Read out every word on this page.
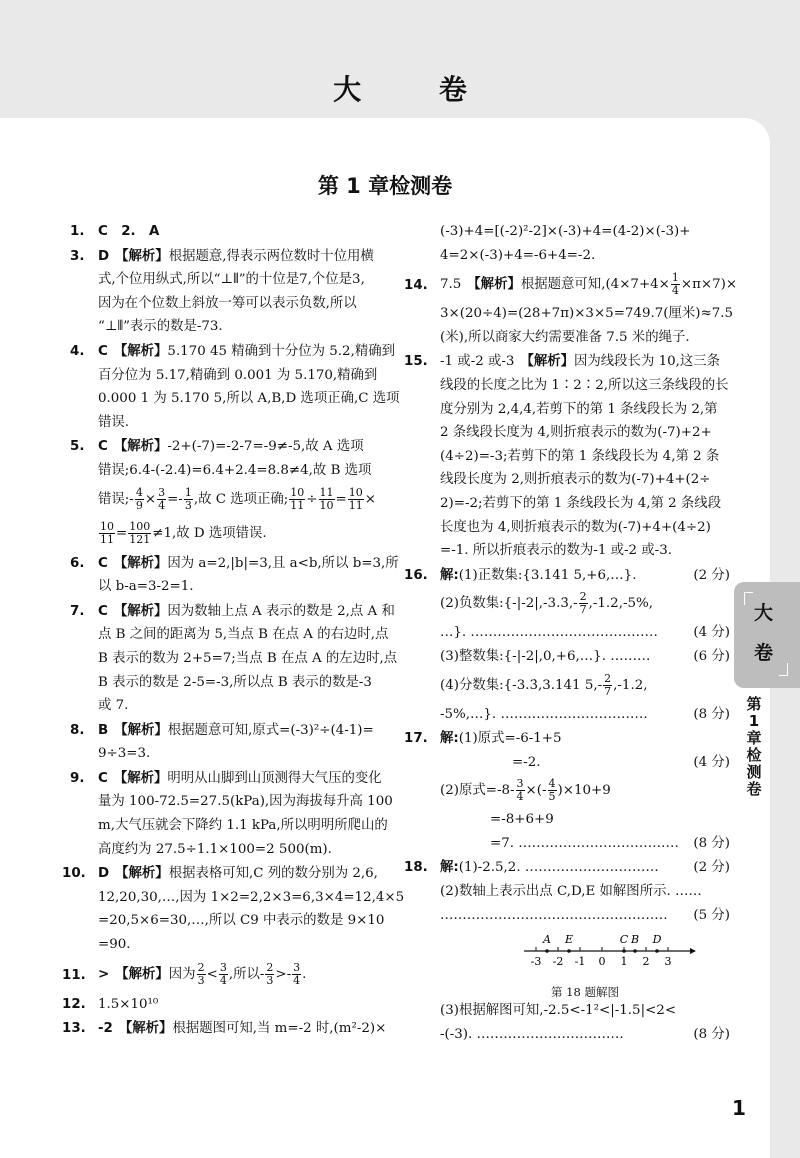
大 卷
第 1 章检测卷
1. C　2.　A
3. D 【解析】根据题意,得表示两位数时十位用横
式,个位用纵式,所以“⊥⫴”的十位是7,个位是3,
因为在个位数上斜放一筹可以表示负数,所以
“⊥⫴”表示的数是-73.
4. C 【解析】5.170 45 精确到十分位为 5.2,精确到
百分位为 5.17,精确到 0.001 为 5.170,精确到
0.000 1 为 5.170 5,所以 A,B,D 选项正确,C 选项
错误.
5. C 【解析】-2+(-7)=-2-7=-9≠-5,故 A 选项
错误;6.4-(-2.4)=6.4+2.4=8.8≠4,故 B 选项
错误;- $\frac{4}{9} \times \frac{3}{4} =- \frac{1}{3}$ ,故 C 选项正确; $\frac{10}{11} \div \frac{11}{10} = \frac{10}{11}$ ×
$\frac{10}{11} = \frac{100}{121} \ne 1$,故 D 选项错误.
6. C 【解析】因为 a=2,|b|=3,且 a<b,所以 b=3,所
以 b-a=3-2=1.
7. C 【解析】因为数轴上点 A 表示的数是 2,点 A 和
点 B 之间的距离为 5,当点 B 在点 A 的右边时,点
B 表示的数为 2+5=7;当点 B 在点 A 的左边时,点
B 表示的数是 2-5=-3,所以点 B 表示的数是-3
或 7.
8. B 【解析】根据题意可知,原式=(-3)²÷(4-1)=
9÷3=3.
9. C 【解析】明明从山脚到山顶测得大气压的变化
量为 100-72.5=27.5(kPa),因为海拔每升高 100
m,大气压就会下降约 1.1 kPa,所以明明所爬山的
高度约为 27.5÷1.1×100=2 500(m).
10. D 【解析】根据表格可知,C 列的数分别为 2,6,
12,20,30,…,因为 1×2=2,2×3=6,3×4=12,4×5
=20,5×6=30,…,所以 C9 中表示的数是 9×10
=90.
11. > 【解析】因为 $\frac{2}{3} < \frac{3}{4}$ ,所以- $\frac{2}{3} >- \frac{3}{4}$ .
12. 1.5×10¹⁰
13. -2 【解析】根据题图可知,当 m=-2 时,(m²-2)×
(-3)+4=[(-2)²-2]×(-3)+4=(4-2)×(-3)+
4=2×(-3)+4=-6+4=-2.
14. 7.5 【解析】根据题意可知$,(4\times 7+4\times \frac{1}{4} \times\pi\times 7)\times$
3×(20÷4)=(28+7π)×3×5=749.7(厘米)≈7.5
(米),所以商家大约需要准备 7.5 米的绳子.
15. -1 或-2 或-3 【解析】因为线段长为 10,这三条
线段的长度之比为 1∶2∶2,所以这三条线段的长
度分别为 2,4,4,若剪下的第 1 条线段长为 2,第
2 条线段长度为 4,则折痕表示的数为(-7)+2+
(4÷2)=-3;若剪下的第 1 条线段长为 4,第 2 条
线段长度为 2,则折痕表示的数为(-7)+4+(2÷
2)=-2;若剪下的第 1 条线段长为 4,第 2 条线段
长度也为 4,则折痕表示的数为(-7)+4+(4÷2)
=-1. 所以折痕表示的数为-1 或-2 或-3.
16. 解:(1)正数集:{3.141 5,+6,…}.	(2 分)
(2)负数集:{-|-2|,-3.3̇,- $\frac{2}{7} ,-1.2,-5\%$,
…}. ……………………………………	(4 分)
(3)整数集:{-|-2|,0,+6,…}. ………	(6 分)
(4)分数集:{-3.3̇,3.141 $5,- \frac{2}{7} ,-1.2$,
-5%,…}. ……………………………	(8 分)
17. 解:(1)原式=-6-1+5
=-2.	(4 分)
(2)原式$=-8- \frac{3}{4}$ ×(- $\frac{4}{5} )\times 10+9$
=-8+6+9
=7. ……………………………… (8 分)
18. 解:(1)-2.5,2. …………………………	(2 分)
(2)数轴上表示出点 C,D,E 如解图所示. ……
…………………………………………… (5 分)
-3 -2 -1 0 1 2 3
A E	C B D
第 18 题解图
(3)根据解图可知,-2.5<-1²<|-1.5|<2<
-(-3). ……………………………	(8 分)
大
卷
第
1
章
检
测
卷
1
